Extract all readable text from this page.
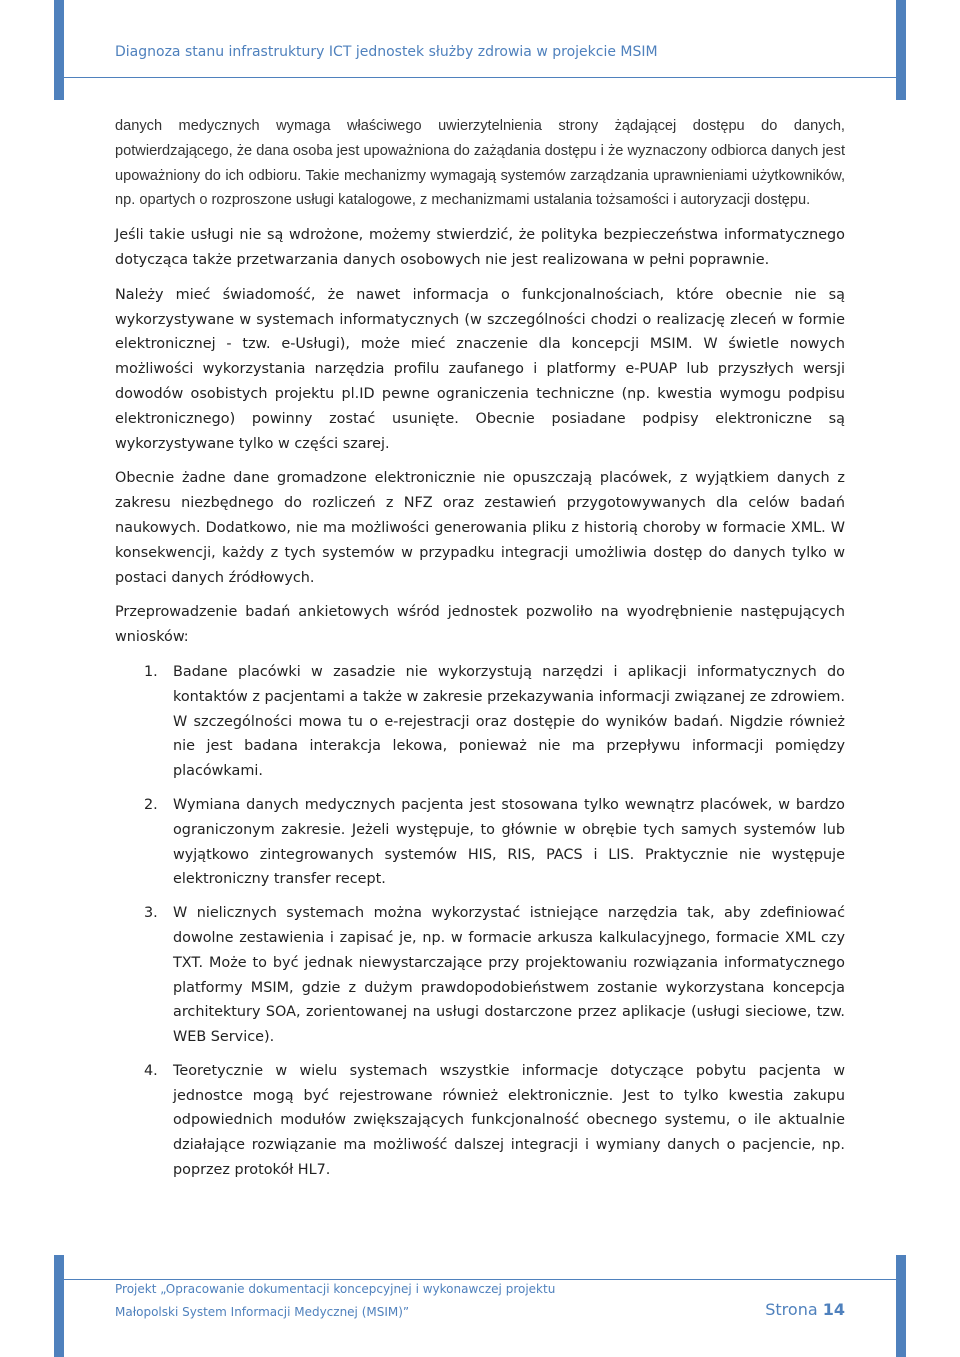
Diagnoza stanu infrastruktury ICT jednostek służby zdrowia w projekcie MSIM

danych medycznych wymaga właściwego uwierzytelnienia strony żądającej dostępu do danych, potwierdzającego, że dana osoba jest upoważniona do zażądania dostępu i że wyznaczony odbiorca danych jest upoważniony do ich odbioru. Takie mechanizmy wymagają systemów zarządzania uprawnieniami użytkowników, np. opartych o rozproszone usługi katalogowe, z mechanizmami ustalania tożsamości i autoryzacji dostępu.

Jeśli takie usługi nie są wdrożone, możemy stwierdzić, że polityka bezpieczeństwa informatycznego dotycząca także przetwarzania danych osobowych nie jest realizowana w pełni poprawnie.

Należy mieć świadomość, że nawet informacja o funkcjonalnościach, które obecnie nie są wykorzystywane w systemach informatycznych (w szczególności chodzi o realizację zleceń w formie elektronicznej - tzw. e-Usługi), może mieć znaczenie dla koncepcji MSIM. W świetle nowych możliwości wykorzystania narzędzia profilu zaufanego i platformy e-PUAP lub przyszłych wersji dowodów osobistych projektu pl.ID pewne ograniczenia techniczne (np. kwestia wymogu podpisu elektronicznego) powinny zostać usunięte. Obecnie posiadane podpisy elektroniczne są wykorzystywane tylko w części szarej.

Obecnie żadne dane gromadzone elektronicznie nie opuszczają placówek, z wyjątkiem danych z zakresu niezbędnego do rozliczeń z NFZ oraz zestawień przygotowywanych dla celów badań naukowych. Dodatkowo, nie ma możliwości generowania pliku z historią choroby w formacie XML. W konsekwencji, każdy z tych systemów w przypadku integracji umożliwia dostęp do danych tylko w postaci danych źródłowych.

Przeprowadzenie badań ankietowych wśród jednostek pozwoliło na wyodrębnienie następujących wniosków:

1. Badane placówki w zasadzie nie wykorzystują narzędzi i aplikacji informatycznych do kontaktów z pacjentami a także w zakresie przekazywania informacji związanej ze zdrowiem. W szczególności mowa tu o e-rejestracji oraz dostępie do wyników badań. Nigdzie również nie jest badana interakcja lekowa, ponieważ nie ma przepływu informacji pomiędzy placówkami.
2. Wymiana danych medycznych pacjenta jest stosowana tylko wewnątrz placówek, w bardzo ograniczonym zakresie. Jeżeli występuje, to głównie w obrębie tych samych systemów lub wyjątkowo zintegrowanych systemów HIS, RIS, PACS i LIS. Praktycznie nie występuje elektroniczny transfer recept.
3. W nielicznych systemach można wykorzystać istniejące narzędzia tak, aby zdefiniować dowolne zestawienia i zapisać je, np. w formacie arkusza kalkulacyjnego, formacie XML czy TXT. Może to być jednak niewystarczające przy projektowaniu rozwiązania informatycznego platformy MSIM, gdzie z dużym prawdopodobieństwem zostanie wykorzystana koncepcja architektury SOA, zorientowanej na usługi dostarczone przez aplikacje (usługi sieciowe, tzw. WEB Service).
4. Teoretycznie w wielu systemach wszystkie informacje dotyczące pobytu pacjenta w jednostce mogą być rejestrowane również elektronicznie. Jest to tylko kwestia zakupu odpowiednich modułów zwiększających funkcjonalność obecnego systemu, o ile aktualnie działające rozwiązanie ma możliwość dalszej integracji i wymiany danych o pacjencie, np. poprzez protokół HL7.
Projekt „Opracowanie dokumentacji koncepcyjnej i wykonawczej projektu
Małopolski System Informacji Medycznej (MSIM)”	Strona 14
